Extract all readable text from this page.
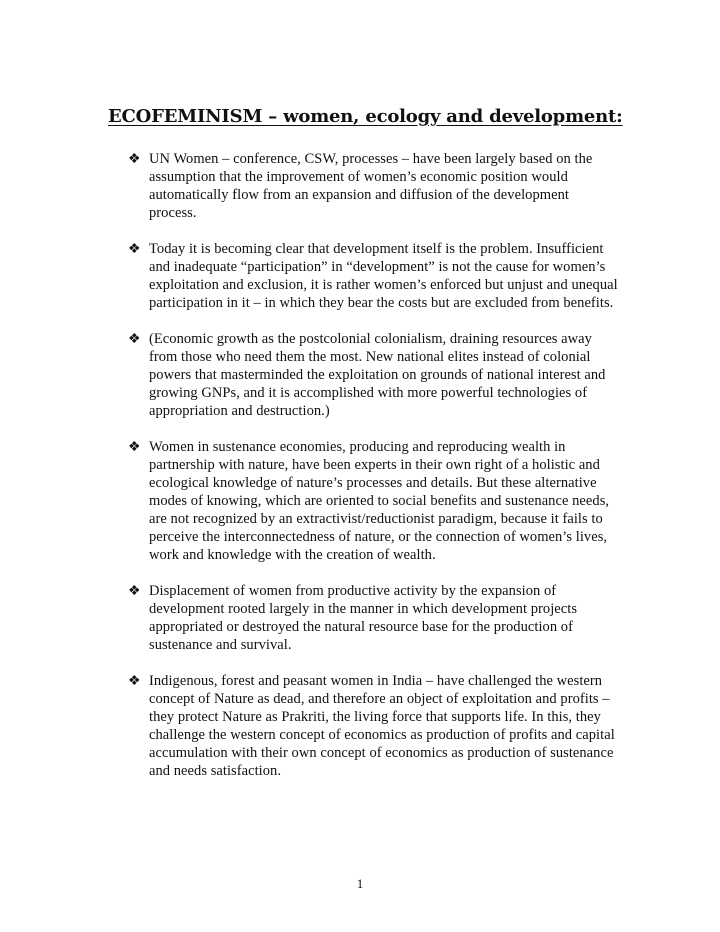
ECOFEMINISM – women, ecology and development:
❖ UN Women – conference, CSW, processes – have been largely based on the assumption that the improvement of women’s economic position would automatically flow from an expansion and diffusion of the development process.
❖ Today it is becoming clear that development itself is the problem. Insufficient and inadequate “participation” in “development” is not the cause for women’s exploitation and exclusion, it is rather women’s enforced but unjust and unequal participation in it – in which they bear the costs but are excluded from benefits.
❖ (Economic growth as the postcolonial colonialism, draining resources away from those who need them the most. New national elites instead of colonial powers that masterminded the exploitation on grounds of national interest and growing GNPs, and it is accomplished with more powerful technologies of appropriation and destruction.)
❖ Women in sustenance economies, producing and reproducing wealth in partnership with nature, have been experts in their own right of a holistic and ecological knowledge of nature’s processes and details. But these alternative modes of knowing, which are oriented to social benefits and sustenance needs, are not recognized by an extractivist/reductionist paradigm, because it fails to perceive the interconnectedness of nature, or the connection of women’s lives, work and knowledge with the creation of wealth.
❖ Displacement of women from productive activity by the expansion of development rooted largely in the manner in which development projects appropriated or destroyed the natural resource base for the production of sustenance and survival.
❖ Indigenous, forest and peasant women in India – have challenged the western concept of Nature as dead, and therefore an object of exploitation and profits – they protect Nature as Prakriti, the living force that supports life. In this, they challenge the western concept of economics as production of profits and capital accumulation with their own concept of economics as production of sustenance and needs satisfaction.
1
